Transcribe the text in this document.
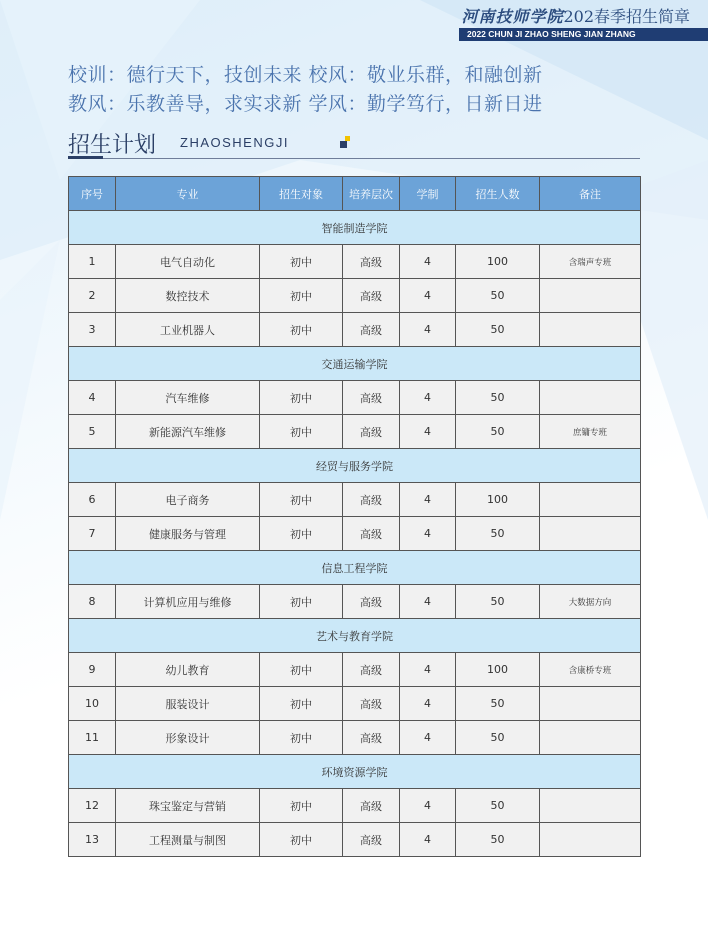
河南技师学院202春季招生简章
2022 CHUN JI ZHAO SHENG JIAN ZHANG
校训：德行天下，技创未来 校风：敬业乐群，和融创新
教风：乐教善导，求实求新 学风：勤学笃行，日新日进
招生计划 ZHAOSHENGJI
序号	专业	招生对象	培养层次	学制	招生人数	备注
智能制造学院						
1	电气自动化	初中	高级	4	100	含瑞声专班
2	数控技术	初中	高级	4	50	
3	工业机器人	初中	高级	4	50	
交通运输学院						
4	汽车维修	初中	高级	4	50	
5	新能源汽车维修	初中	高级	4	50	庶镛专班
经贸与服务学院						
6	电子商务	初中	高级	4	100	
7	健康服务与管理	初中	高级	4	50	
信息工程学院						
8	计算机应用与维修	初中	高级	4	50	大数据方向
艺术与教育学院						
9	幼儿教育	初中	高级	4	100	含康桥专班
10	服装设计	初中	高级	4	50	
11	形象设计	初中	高级	4	50	
环境资源学院						
12	珠宝鉴定与营销	初中	高级	4	50	
13	工程测量与制图	初中	高级	4	50	
